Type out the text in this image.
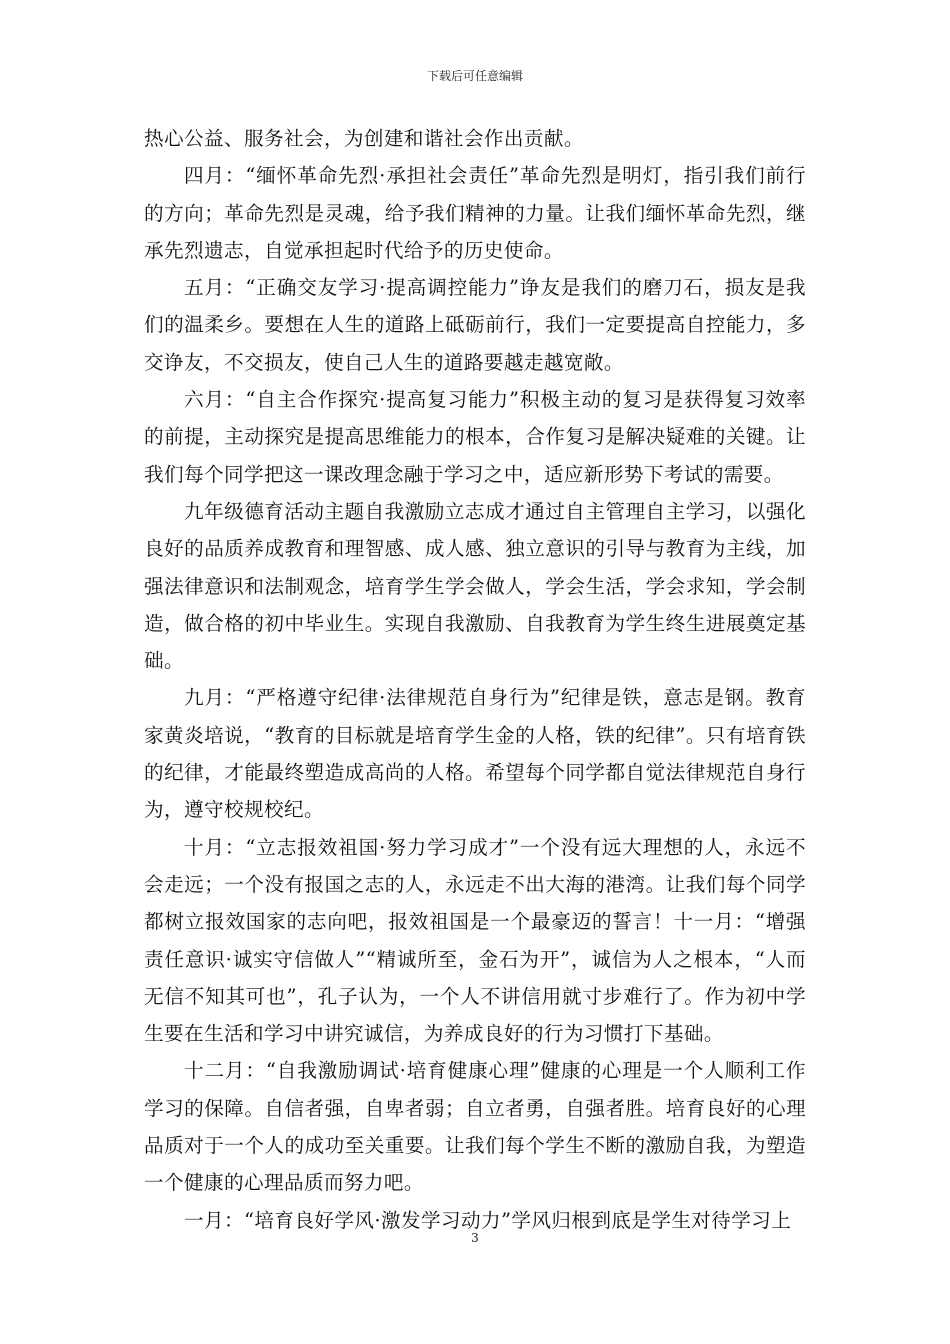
下载后可任意编辑

热心公益、服务社会，为创建和谐社会作出贡献。

四月：“缅怀革命先烈·承担社会责任”革命先烈是明灯，指引我们前行的方向；革命先烈是灵魂，给予我们精神的力量。让我们缅怀革命先烈，继承先烈遗志，自觉承担起时代给予的历史使命。

五月：“正确交友学习·提高调控能力”诤友是我们的磨刀石，损友是我们的温柔乡。要想在人生的道路上砥砺前行，我们一定要提高自控能力，多交诤友，不交损友，使自己人生的道路要越走越宽敞。

六月：“自主合作探究·提高复习能力”积极主动的复习是获得复习效率的前提，主动探究是提高思维能力的根本，合作复习是解决疑难的关键。让我们每个同学把这一课改理念融于学习之中，适应新形势下考试的需要。

九年级德育活动主题自我激励立志成才通过自主管理自主学习，以强化良好的品质养成教育和理智感、成人感、独立意识的引导与教育为主线，加强法律意识和法制观念，培育学生学会做人，学会生活，学会求知，学会制造，做合格的初中毕业生。实现自我激励、自我教育为学生终生进展奠定基础。

九月：“严格遵守纪律·法律规范自身行为”纪律是铁，意志是钢。教育家黄炎培说，“教育的目标就是培育学生金的人格，铁的纪律”。只有培育铁的纪律，才能最终塑造成高尚的人格。希望每个同学都自觉法律规范自身行为，遵守校规校纪。

十月：“立志报效祖国·努力学习成才”一个没有远大理想的人，永远不会走远；一个没有报国之志的人，永远走不出大海的港湾。让我们每个同学都树立报效国家的志向吧，报效祖国是一个最豪迈的誓言！十一月：“增强责任意识·诚实守信做人”“精诚所至，金石为开”，诚信为人之根本，“人而无信不知其可也”，孔子认为，一个人不讲信用就寸步难行了。作为初中学生要在生活和学习中讲究诚信，为养成良好的行为习惯打下基础。

十二月：“自我激励调试·培育健康心理”健康的心理是一个人顺利工作学习的保障。自信者强，自卑者弱；自立者勇，自强者胜。培育良好的心理品质对于一个人的成功至关重要。让我们每个学生不断的激励自我，为塑造一个健康的心理品质而努力吧。

一月：“培育良好学风·激发学习动力”学风归根到底是学生对待学习上

3
